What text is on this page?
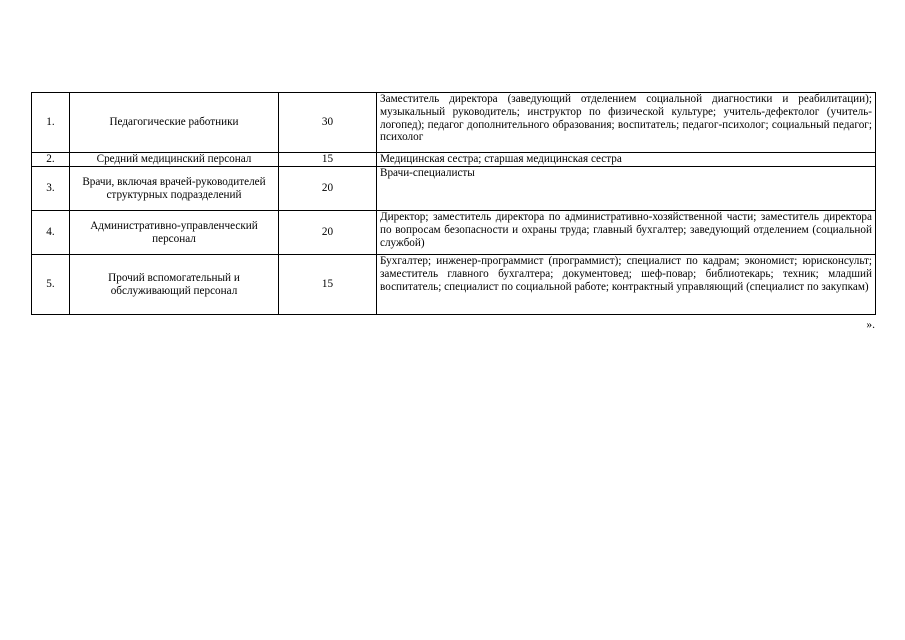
1.	Педагогические работники	30	Заместитель директора (заведующий отделением социальной диагностики и реабилитации); музыкальный руководитель; инструктор по физической культуре; учитель-дефектолог (учитель-логопед); педагог дополнительного образования; воспитатель; педагог-психолог; социальный педагог; психолог
2.	Средний медицинский персонал	15	Медицинская сестра; старшая медицинская сестра
3.	Врачи, включая врачей-руководителей структурных подразделений	20	Врачи-специалисты
4.	Административно-управленческий персонал	20	Директор; заместитель директора по административно-хозяйственной части; заместитель директора по вопросам безопасности и охраны труда; главный бухгалтер; заведующий отделением (социальной службой)
5.	Прочий вспомогательный и обслуживающий персонал	15	Бухгалтер; инженер-программист (программист); специалист по кадрам; экономист; юрисконсульт; заместитель главного бухгалтера; документовед; шеф-повар; библиотекарь; техник; младший воспитатель; специалист по социальной работе; контрактный управляющий (специалист по закупкам)
».
